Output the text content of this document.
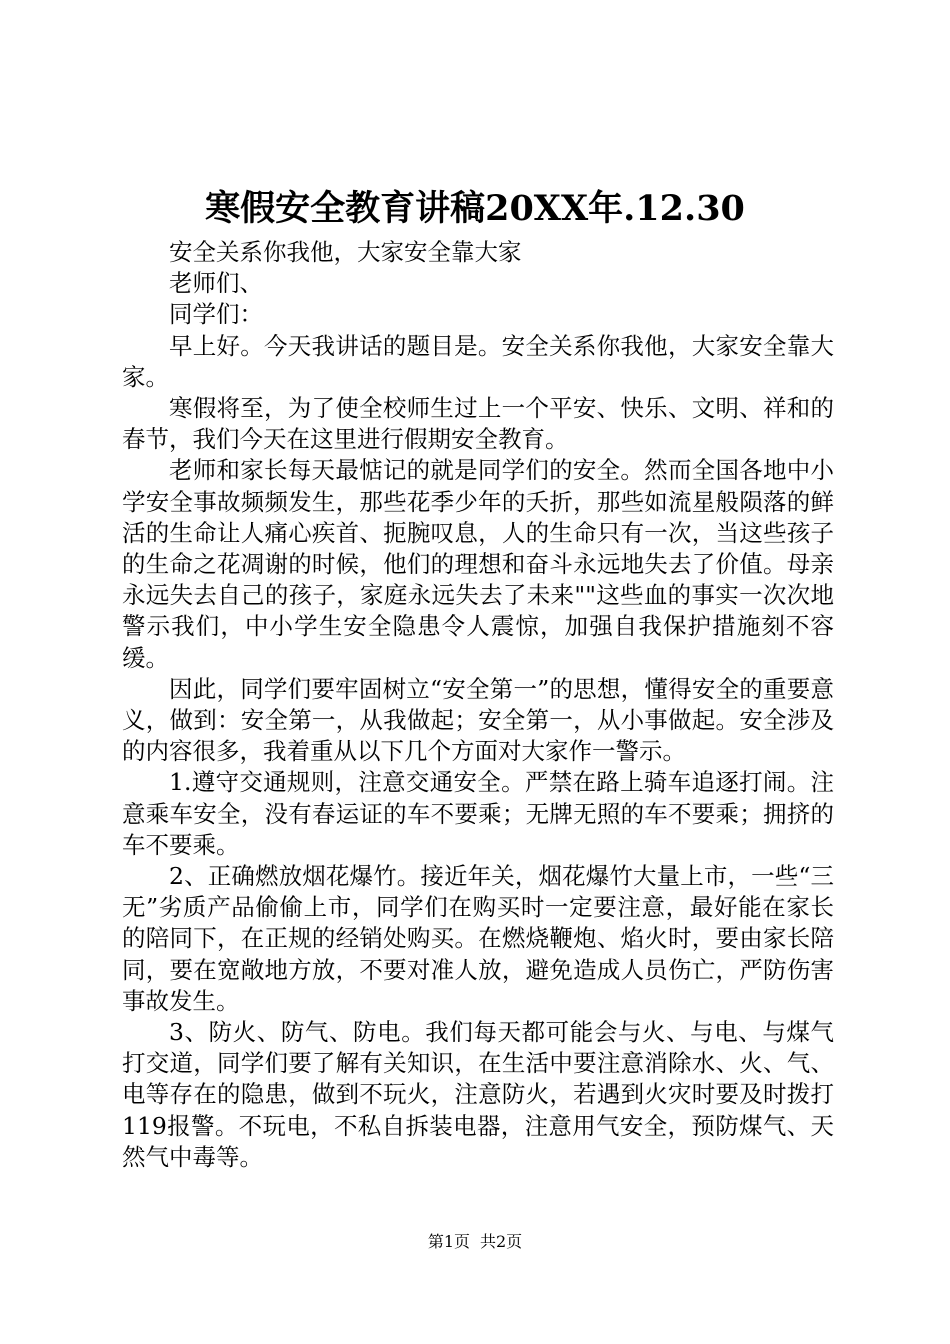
寒假安全教育讲稿20XX年.12.30

安全关系你我他，大家安全靠大家

老师们、

同学们：

早上好。今天我讲话的题目是。安全关系你我他，大家安全靠大家。

寒假将至，为了使全校师生过上一个平安、快乐、文明、祥和的春节，我们今天在这里进行假期安全教育。

老师和家长每天最惦记的就是同学们的安全。然而全国各地中小学安全事故频频发生，那些花季少年的夭折，那些如流星般陨落的鲜活的生命让人痛心疾首、扼腕叹息，人的生命只有一次，当这些孩子的生命之花凋谢的时候，他们的理想和奋斗永远地失去了价值。母亲永远失去自己的孩子，家庭永远失去了未来""这些血的事实一次次地警示我们，中小学生安全隐患令人震惊，加强自我保护措施刻不容缓。

因此，同学们要牢固树立“安全第一”的思想，懂得安全的重要意义，做到：安全第一，从我做起；安全第一，从小事做起。安全涉及的内容很多，我着重从以下几个方面对大家作一警示。

1.遵守交通规则，注意交通安全。严禁在路上骑车追逐打闹。注意乘车安全，没有春运证的车不要乘；无牌无照的车不要乘；拥挤的车不要乘。

2、正确燃放烟花爆竹。接近年关，烟花爆竹大量上市，一些“三无”劣质产品偷偷上市，同学们在购买时一定要注意，最好能在家长的陪同下，在正规的经销处购买。在燃烧鞭炮、焰火时，要由家长陪同，要在宽敞地方放，不要对准人放，避免造成人员伤亡，严防伤害事故发生。

3、防火、防气、防电。我们每天都可能会与火、与电、与煤气打交道，同学们要了解有关知识，在生活中要注意消除水、火、气、电等存在的隐患，做到不玩火，注意防火，若遇到火灾时要及时拨打119报警。不玩电，不私自拆装电器，注意用气安全，预防煤气、天然气中毒等。

第1页 共2页
